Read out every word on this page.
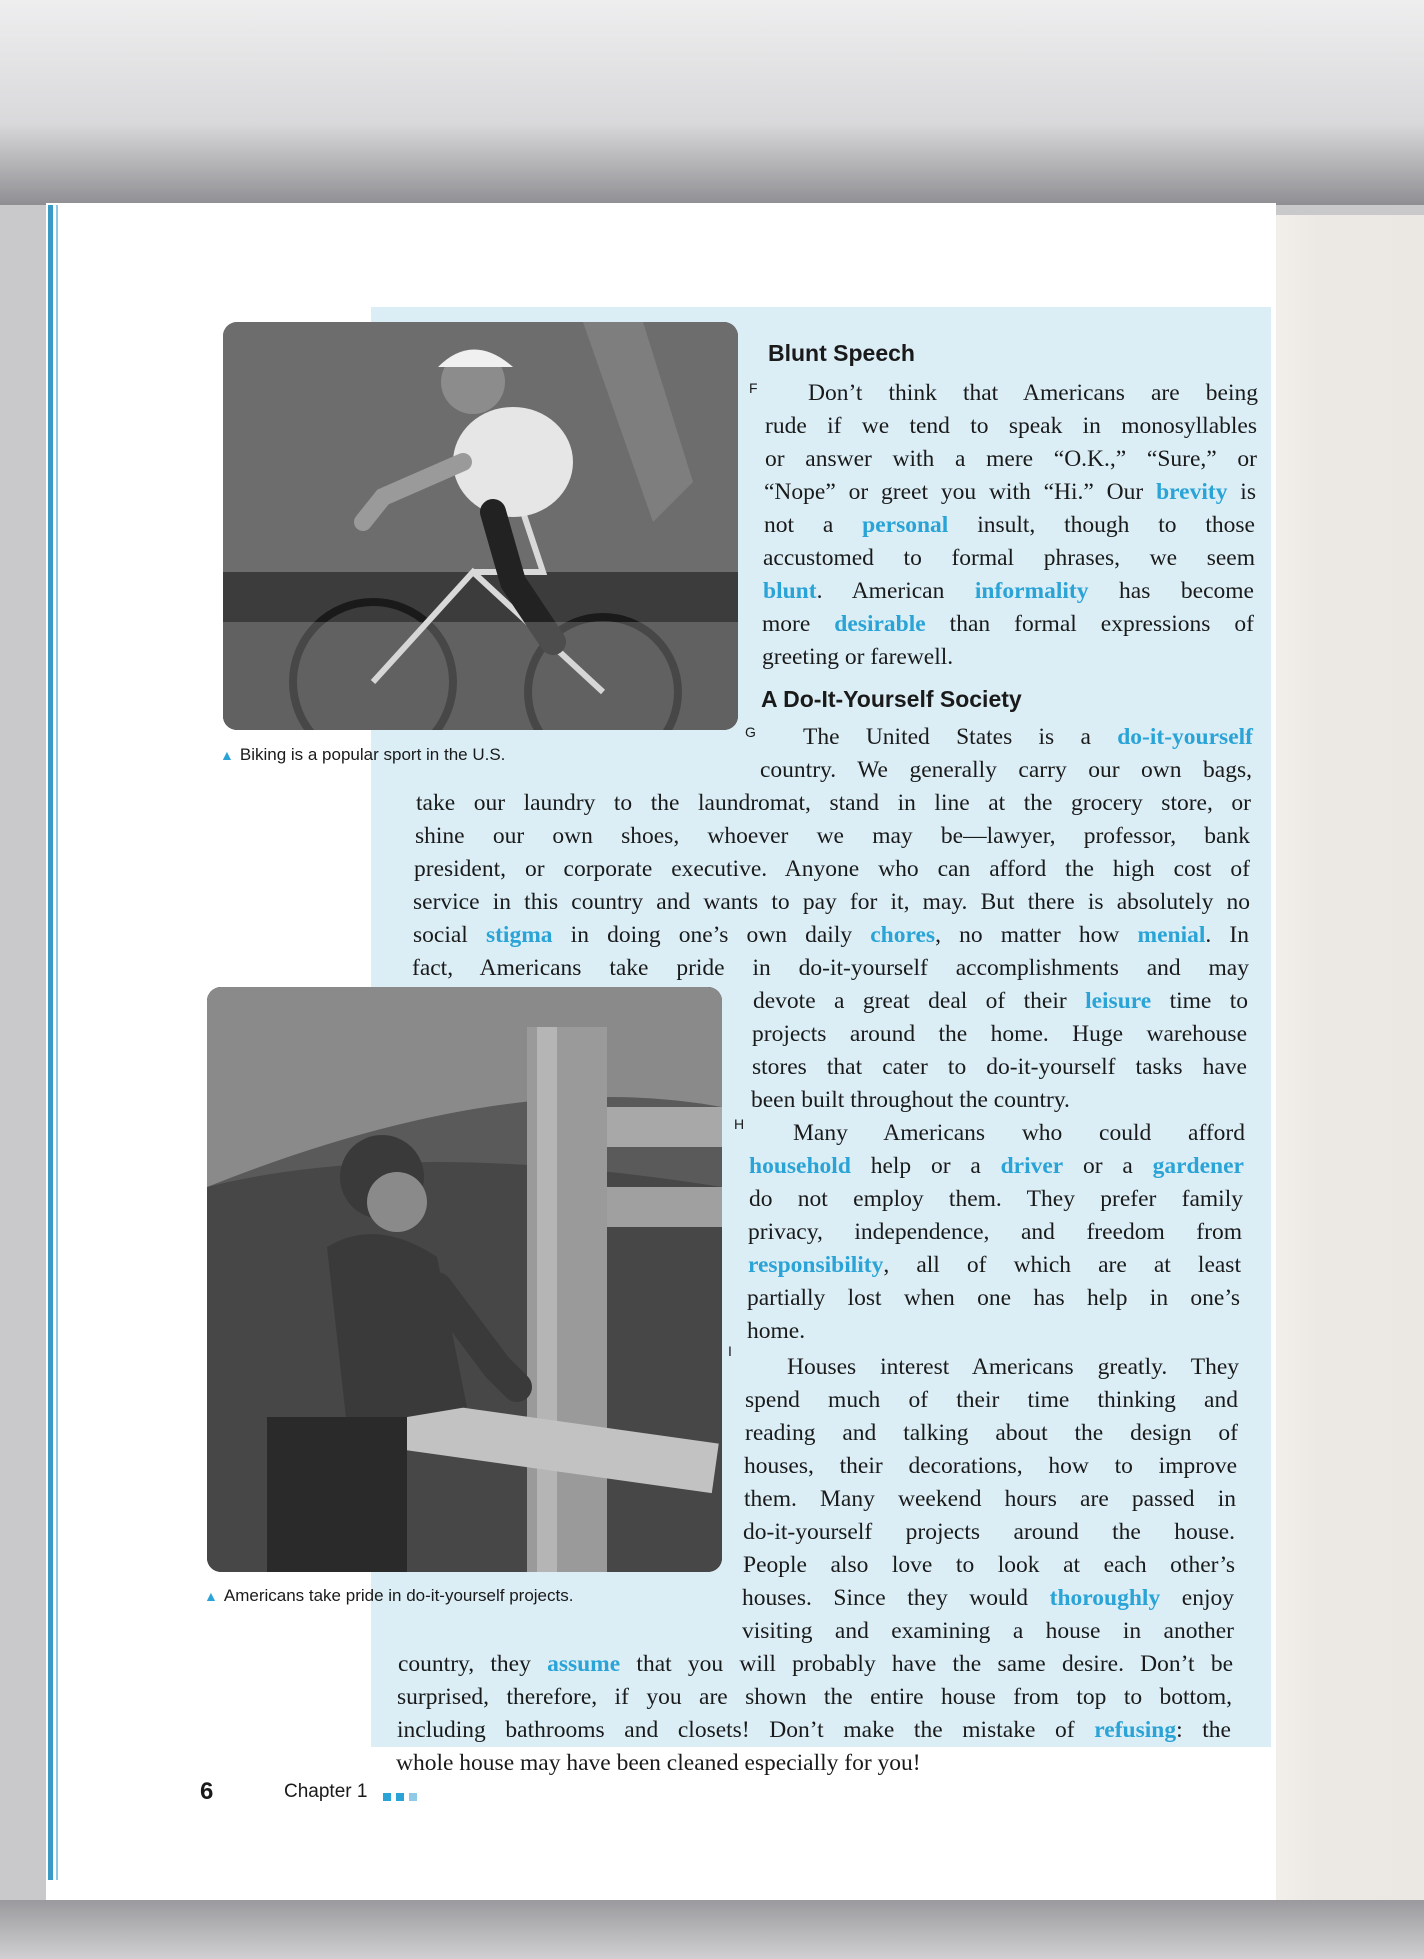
▲ Biking is a popular sport in the U.S.
▲ Americans take pride in do-it-yourself projects.
Blunt Speech
F
A Do-It-Yourself Society
G
H
I
Don’t think that Americans are being
rude if we tend to speak in monosyllables
or answer with a mere “O.K.,” “Sure,” or
“Nope” or greet you with “Hi.” Our brevity is
not a personal insult, though to those
accustomed to formal phrases, we seem
blunt. American informality has become
more desirable than formal expressions of
greeting or farewell.
The United States is a do-it-yourself
country. We generally carry our own bags,
take our laundry to the laundromat, stand in line at the grocery store, or
shine our own shoes, whoever we may be—lawyer, professor, bank
president, or corporate executive. Anyone who can afford the high cost of
service in this country and wants to pay for it, may. But there is absolutely no
social stigma in doing one’s own daily chores, no matter how menial. In
fact, Americans take pride in do-it-yourself accomplishments and may
devote a great deal of their leisure time to
projects around the home. Huge warehouse
stores that cater to do-it-yourself tasks have
been built throughout the country.
Many Americans who could afford
household help or a driver or a gardener
do not employ them. They prefer family
privacy, independence, and freedom from
responsibility, all of which are at least
partially lost when one has help in one’s
home.
Houses interest Americans greatly. They
spend much of their time thinking and
reading and talking about the design of
houses, their decorations, how to improve
them. Many weekend hours are passed in
do-it-yourself projects around the house.
People also love to look at each other’s
houses. Since they would thoroughly enjoy
visiting and examining a house in another
country, they assume that you will probably have the same desire. Don’t be
surprised, therefore, if you are shown the entire house from top to bottom,
including bathrooms and closets! Don’t make the mistake of refusing: the
whole house may have been cleaned especially for you!
6	Chapter 1
